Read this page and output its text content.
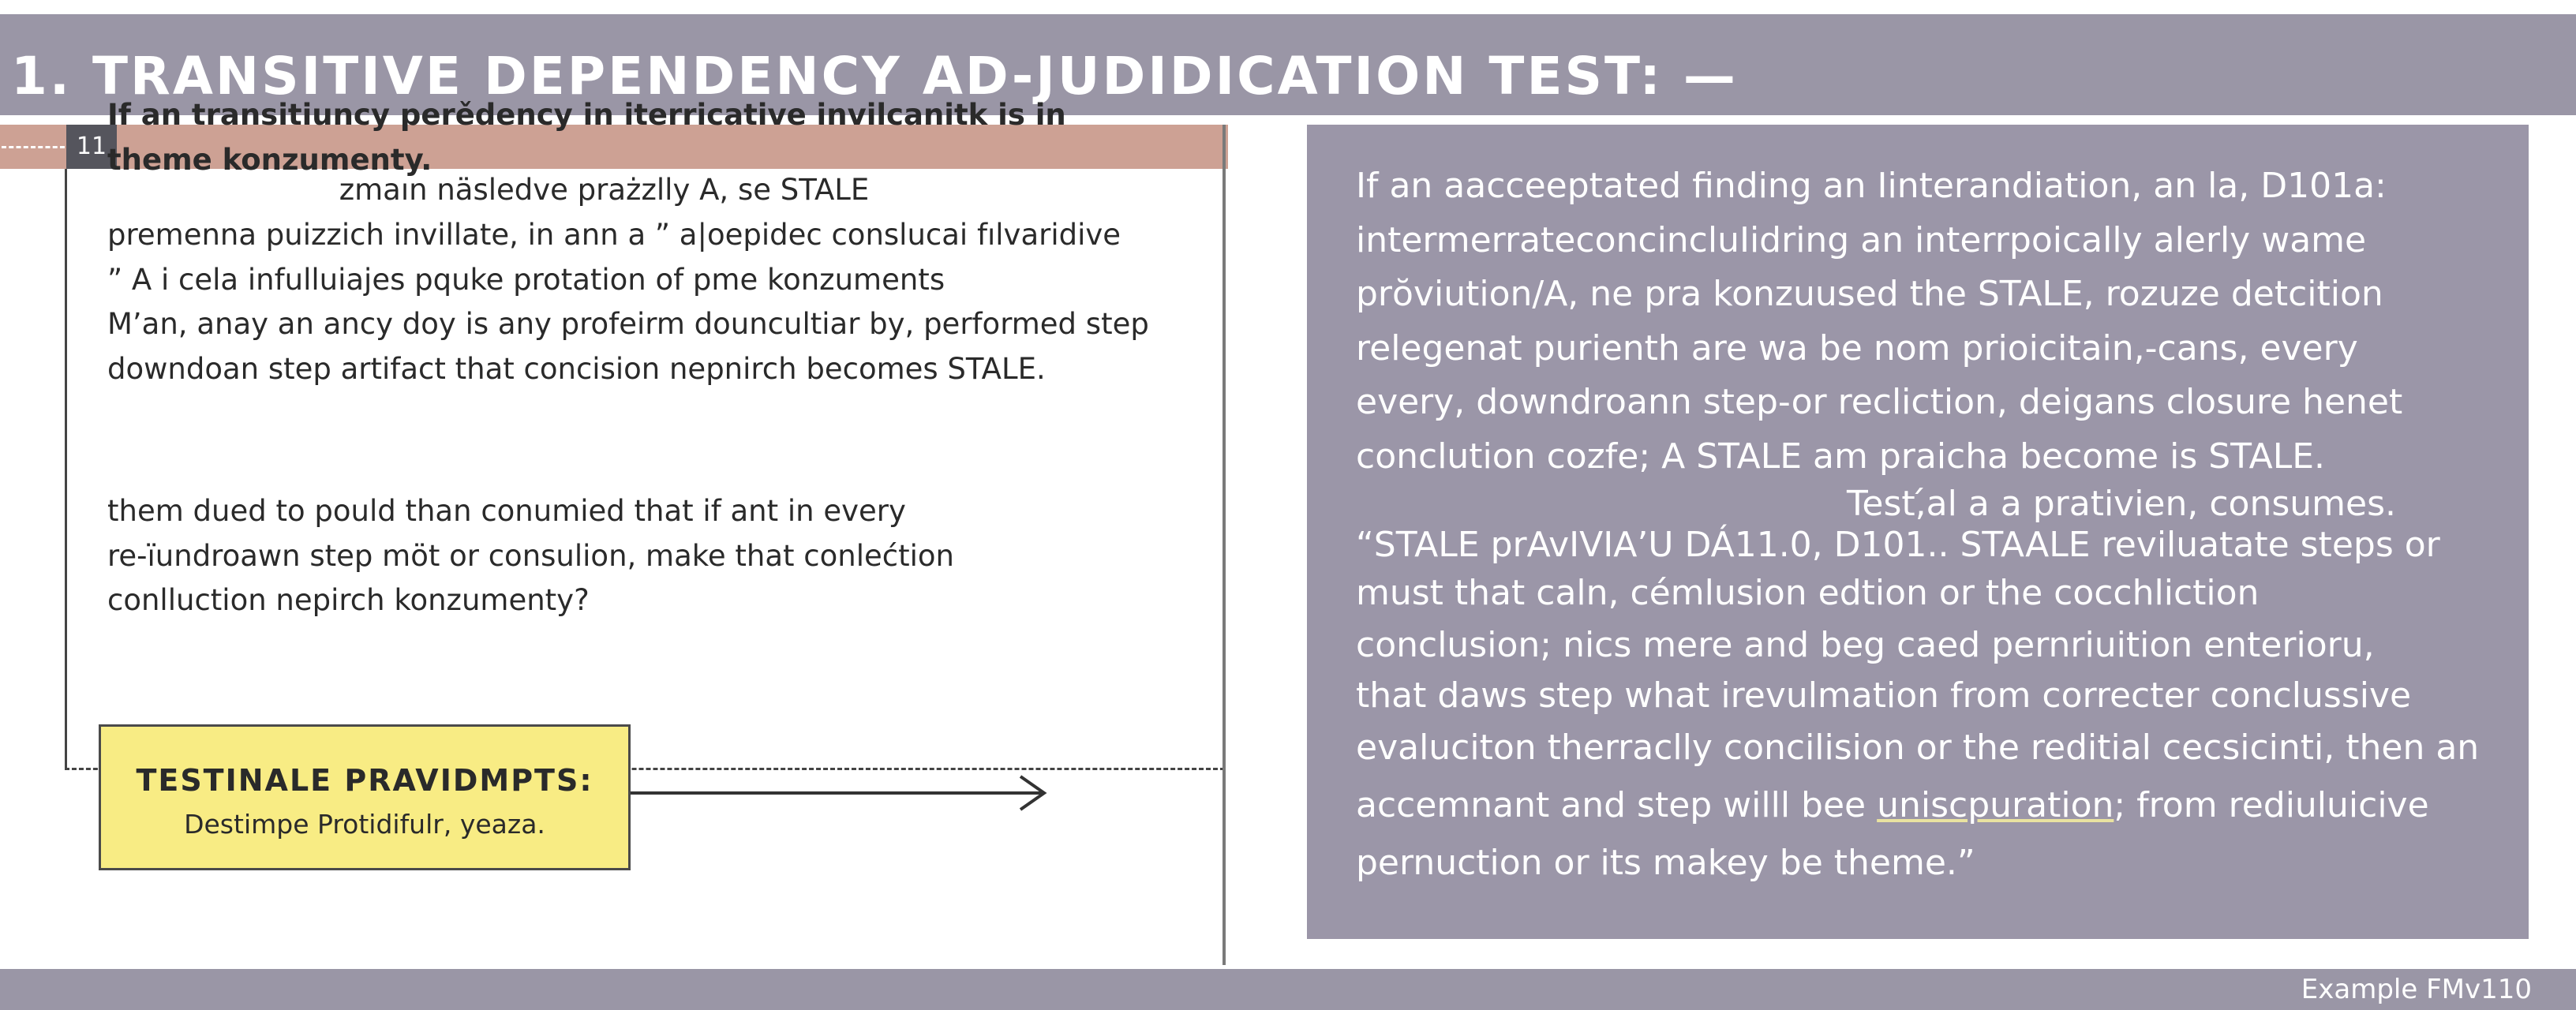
1. TRANSITIVE DEPENDENCY AD-JUDIDICATION TEST: —
11

If an transitiuncy perědency in iterricative invilcanitk is in theme konzumenty.

premenna puizzich invillate, in ann a ” a|oepidec conslucai fılvaridive
” A i cela infulluiajes pquke protation of pme konzuments
M’an, anay an ancy doy is any profeirm douncultiar by, performed step
downdoan step artifact that concision nepnirch becomes STALE.
them dued to pould than conumied that if ant in every
re-ïundroawn step möt or consulion, make that conlećtion
conlluction nepirch konzumenty?
TESTINALE PRAVIDMPTS:
Destimpe Protidifulr, yeaza.
If an aacceeptated finding an Iinterandiation, an la, D101a:
intermerrateconcincluIidring an interrpoically alerly wame
prŏviution/A, ne pra konzuused the STALE, rozuze detcition
relegenat purienth are wa be nom prioicitain,-cans, every
every, downdroann step-or recliction, deigans closure henet
conclution cozfe; A STALE am praicha become is STALE.
Test,́al a a prativien, consumes.
“STALE prAvIVIA’U DÁ11.0, D101.. STAALE reviluatate steps or
must that caln, cémlusion edtion or the cocchliction
conclusion; nics mere and beg caed pernriuition enterioru,
that daws step what irevulmation from correcter conclussive
evaluciton therraclly concilision or the reditial cecsicinti, then an
accemnant and step willl bee uniscpuration; from rediuluicive
pernuction or its makey be theme.”
Example FMv110
zmaın näsledve prażzlly A, se STALE
